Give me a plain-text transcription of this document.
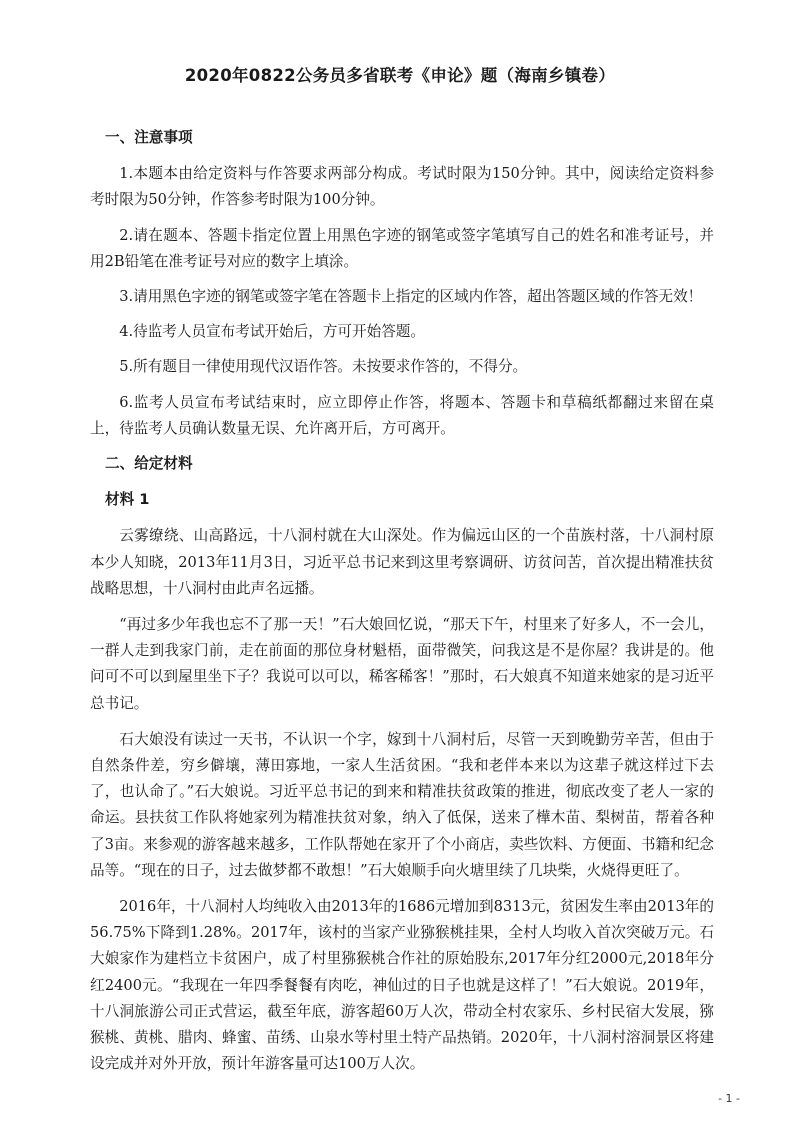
2020年0822公务员多省联考《申论》题（海南乡镇卷）
一、注意事项

1.本题本由给定资料与作答要求两部分构成。考试时限为150分钟。其中，阅读给定资料参考时限为50分钟，作答参考时限为100分钟。

2.请在题本、答题卡指定位置上用黑色字迹的钢笔或签字笔填写自己的姓名和准考证号，并用2B铅笔在准考证号对应的数字上填涂。

3.请用黑色字迹的钢笔或签字笔在答题卡上指定的区域内作答，超出答题区域的作答无效！

4.待监考人员宣布考试开始后，方可开始答题。

5.所有题目一律使用现代汉语作答。未按要求作答的，不得分。

6.监考人员宣布考试结束时，应立即停止作答，将题本、答题卡和草稿纸都翻过来留在桌上，待监考人员确认数量无误、允许离开后，方可离开。

二、给定材料
材料 1

云雾缭绕、山高路远，十八洞村就在大山深处。作为偏远山区的一个苗族村落，十八洞村原本少人知晓，2013年11月3日，习近平总书记来到这里考察调研、访贫问苦，首次提出精准扶贫战略思想，十八洞村由此声名远播。

“再过多少年我也忘不了那一天！”石大娘回忆说，“那天下午，村里来了好多人，不一会儿，一群人走到我家门前，走在前面的那位身材魁梧，面带微笑，问我这是不是你屋？我讲是的。他问可不可以到屋里坐下子？我说可以可以，稀客稀客！”那时，石大娘真不知道来她家的是习近平总书记。

石大娘没有读过一天书，不认识一个字，嫁到十八洞村后，尽管一天到晚勤劳辛苦，但由于自然条件差，穷乡僻壤，薄田寡地，一家人生活贫困。“我和老伴本来以为这辈子就这样过下去了，也认命了。”石大娘说。习近平总书记的到来和精准扶贫政策的推进，彻底改变了老人一家的命运。县扶贫工作队将她家列为精准扶贫对象，纳入了低保，送来了樺木苗、梨树苗，帮着各种了3亩。来参观的游客越来越多，工作队帮她在家开了个小商店，卖些饮料、方便面、书籍和纪念品等。“现在的日子，过去做梦都不敢想！”石大娘顺手向火塘里续了几块柴，火烧得更旺了。

2016年，十八洞村人均纯收入由2013年的1686元增加到8313元，贫困发生率由2013年的56.75%下降到1.28%。2017年，该村的当家产业猕猴桃挂果，全村人均收入首次突破万元。石大娘家作为建档立卡贫困户，成了村里猕猴桃合作社的原始股东,2017年分红2000元,2018年分红2400元。“我现在一年四季餐餐有肉吃，神仙过的日子也就是这样了！”石大娘说。2019年，十八洞旅游公司正式营运，截至年底，游客超60万人次，带动全村农家乐、乡村民宿大发展，猕猴桃、黄桃、腊肉、蜂蜜、苗绣、山泉水等村里土特产品热销。2020年，十八洞村溶洞景区将建设完成并对外开放，预计年游客量可达100万人次。

- 1 -
